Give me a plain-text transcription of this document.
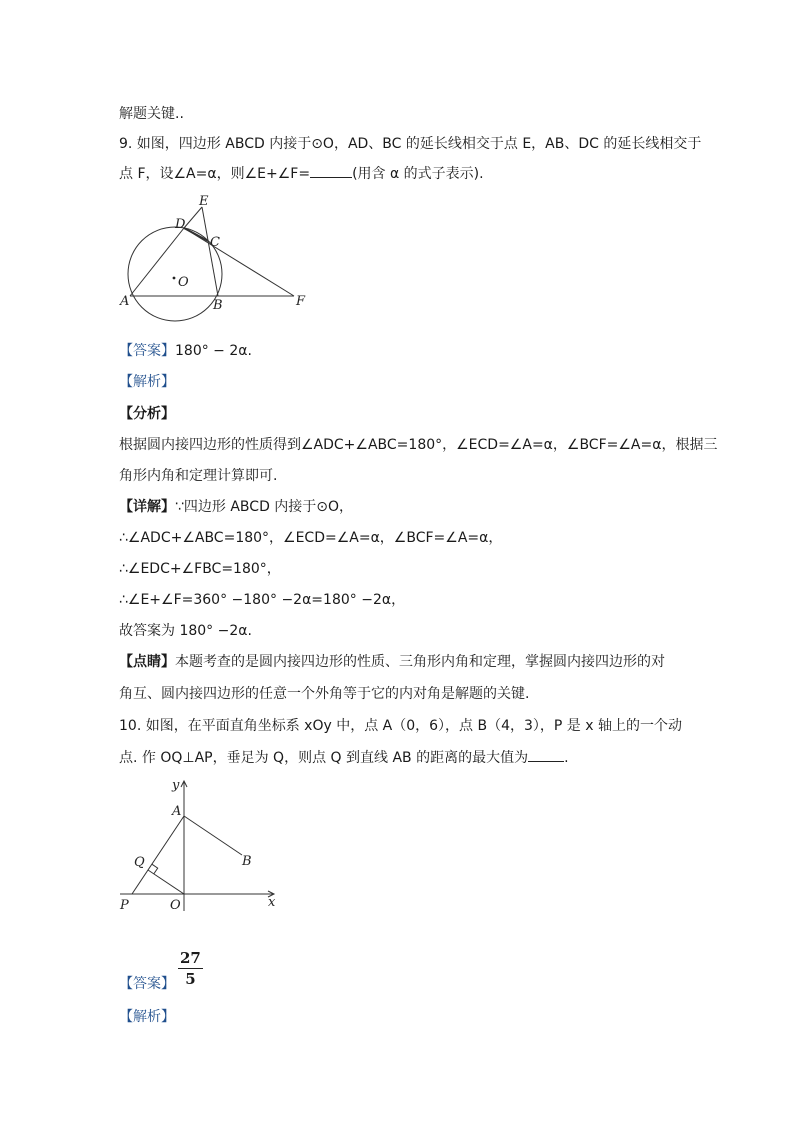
解题关键..
9. 如图，四边形 ABCD 内接于⊙O，AD、BC 的延长线相交于点 E，AB、DC 的延长线相交于
点 F，设∠A=α，则∠E+∠F=	(用含 α 的式子表示).
E
D
C
O
A	B	F
【答案】180° − 2α.
【解析】
【分析】
根据圆内接四边形的性质得到∠ADC+∠ABC=180°，∠ECD=∠A=α，∠BCF=∠A=α，根据三
角形内角和定理计算即可.
【详解】∵四边形 ABCD 内接于⊙O，
∴∠ADC+∠ABC=180°，∠ECD=∠A=α，∠BCF=∠A=α，
∴∠EDC+∠FBC=180°，
∴∠E+∠F=360° −180° −2α=180° −2α，
故答案为 180° −2α.
【点睛】本题考查的是圆内接四边形的性质、三角形内角和定理，掌握圆内接四边形的对
角互、圆内接四边形的任意一个外角等于它的内对角是解题的关键.
10. 如图，在平面直角坐标系 xOy 中，点 A（0，6），点 B（4，3），P 是 x 轴上的一个动
点. 作 OQ⊥AP，垂足为 Q，则点 Q 到直线 AB 的距离的最大值为	.
y
A
B
Q
P	O	x
【答案】 $\frac{27}{5}$
【解析】
